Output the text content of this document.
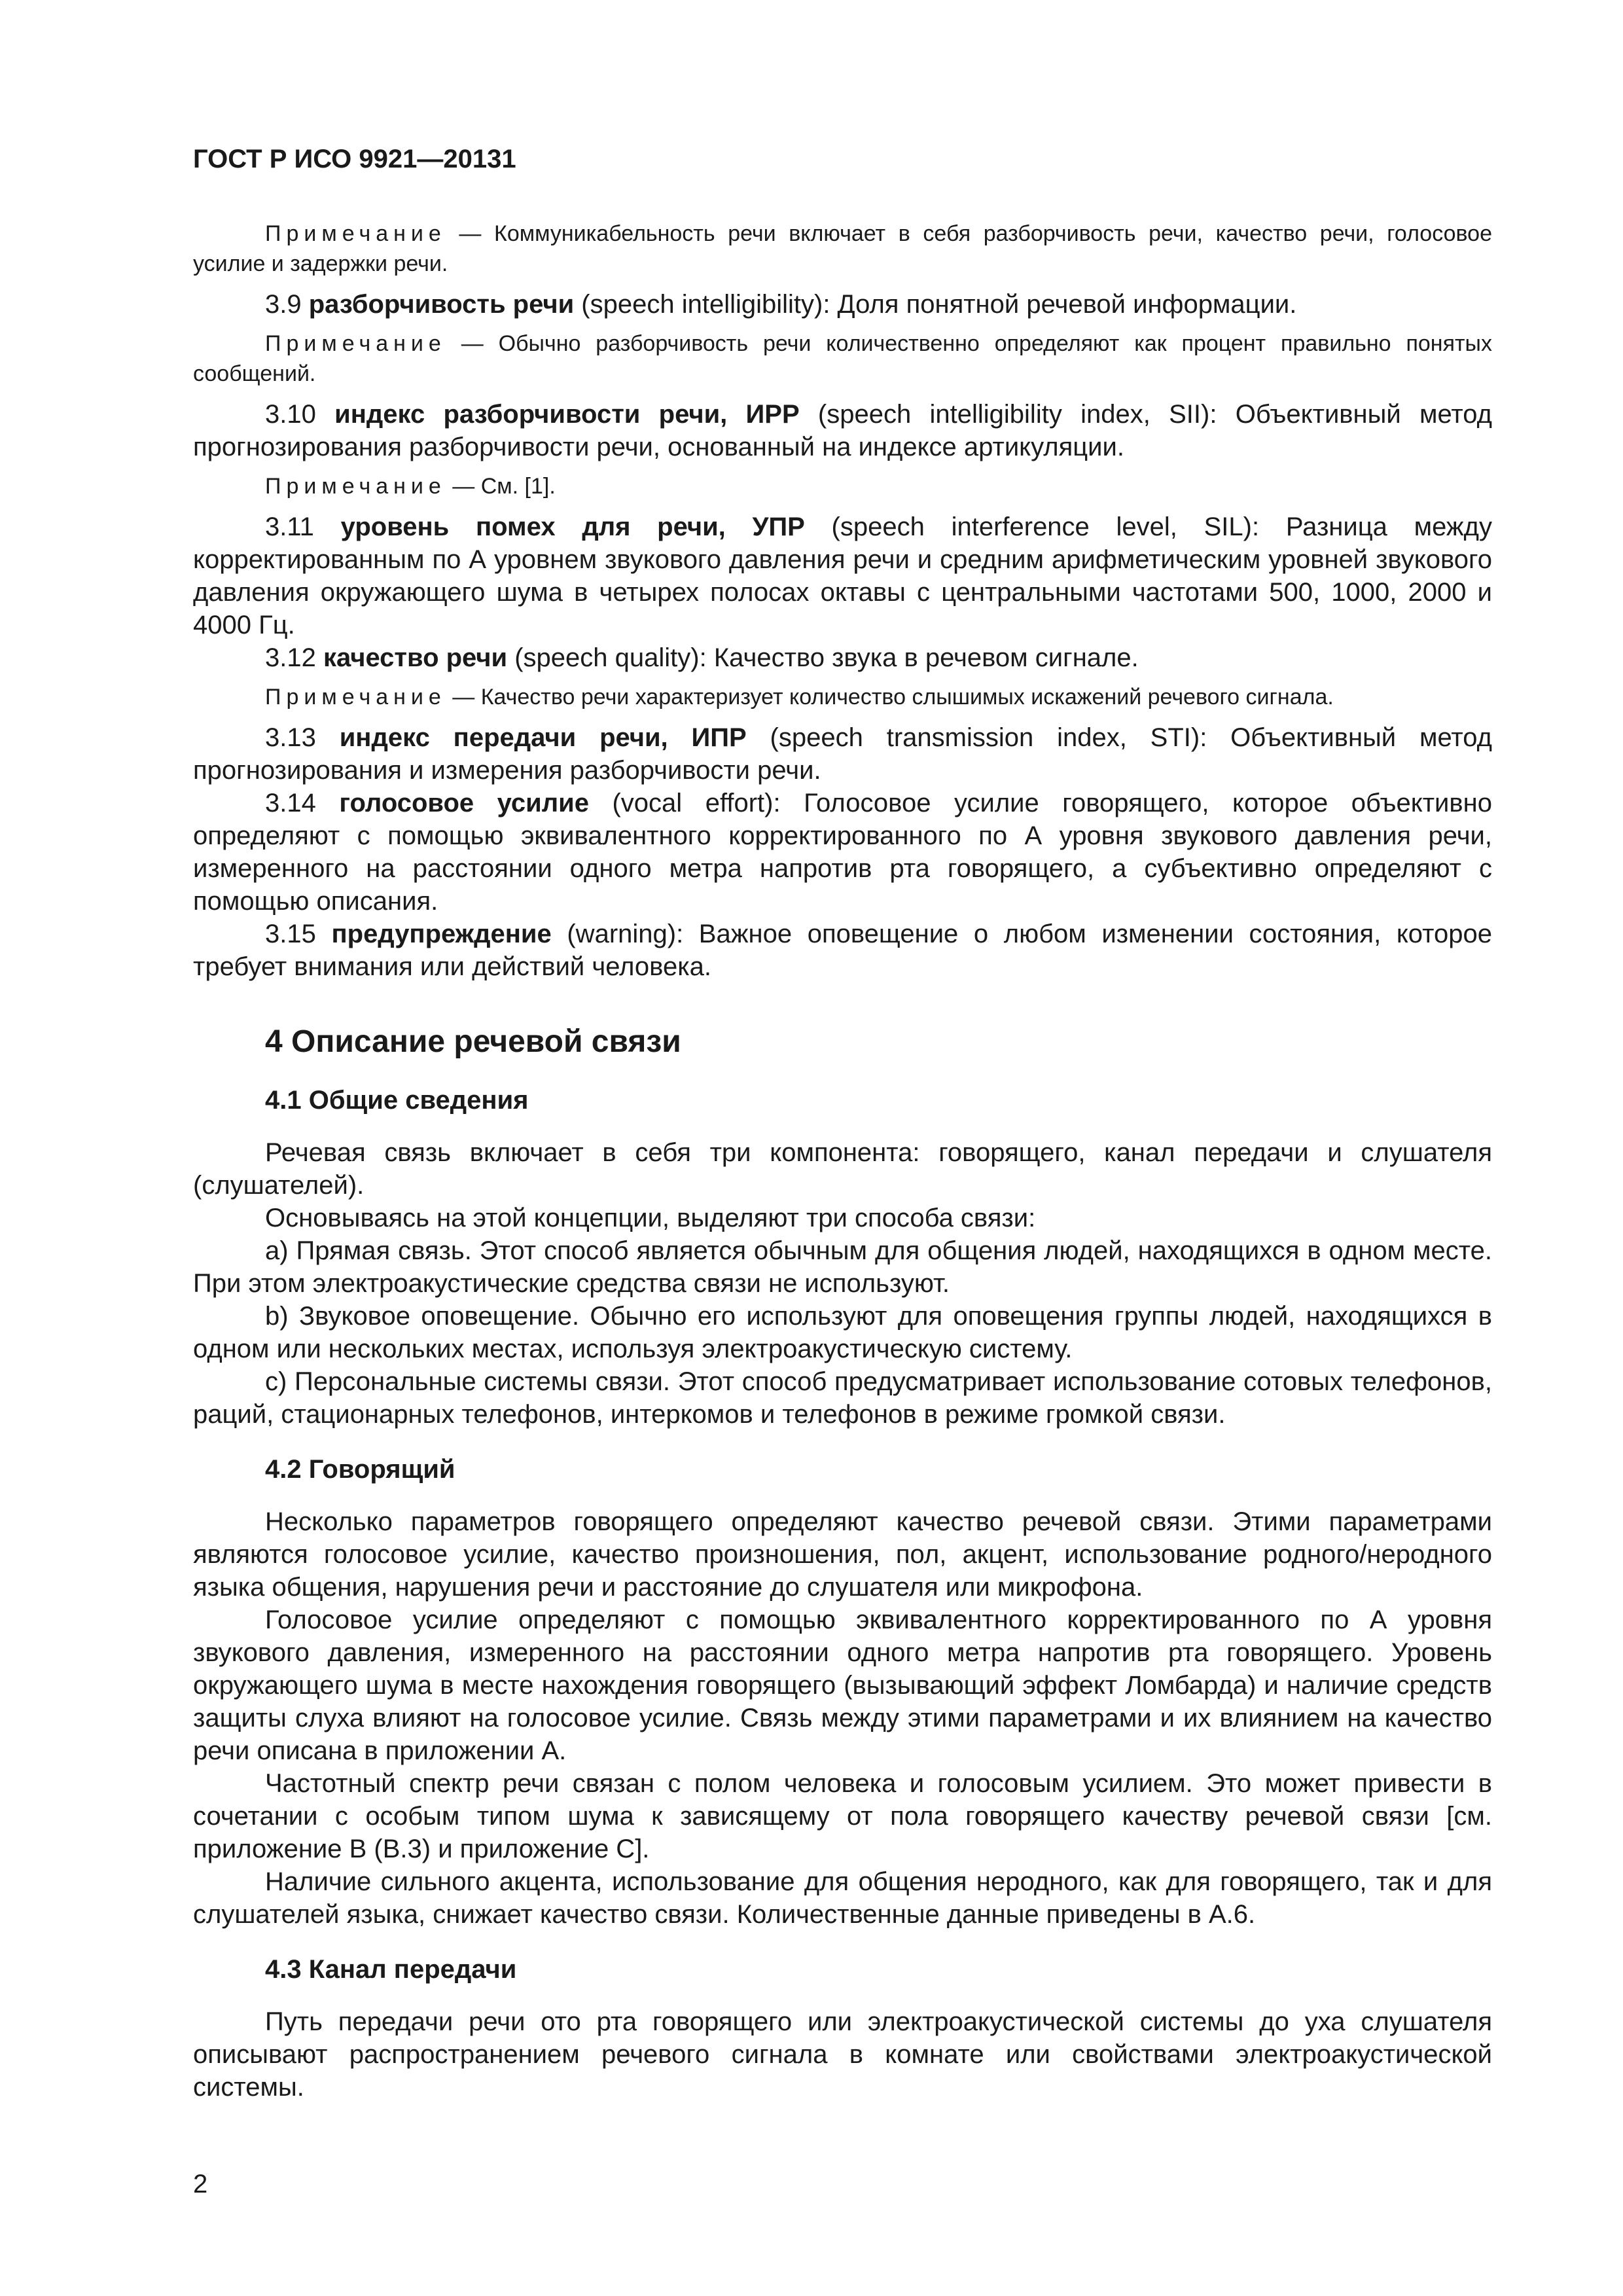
ГОСТ Р ИСО 9921—20131

Примечание — Коммуникабельность речи включает в себя разборчивость речи, качество речи, голосовое усилие и задержки речи.

3.9 разборчивость речи (speech intelligibility): Доля понятной речевой информации.

Примечание — Обычно разборчивость речи количественно определяют как процент правильно понятых сообщений.

3.10 индекс разборчивости речи, ИРР (speech intelligibility index, SII): Объективный метод прогнозирования разборчивости речи, основанный на индексе артикуляции.

Примечание — См. [1].

3.11 уровень помех для речи, УПР (speech interference level, SIL): Разница между корректированным по А уровнем звукового давления речи и средним арифметическим уровней звукового давления окружающего шума в четырех полосах октавы с центральными частотами 500, 1000, 2000 и 4000 Гц.

3.12 качество речи (speech quality): Качество звука в речевом сигнале.

Примечание — Качество речи характеризует количество слышимых искажений речевого сигнала.

3.13 индекс передачи речи, ИПР (speech transmission index, STI): Объективный метод прогнозирования и измерения разборчивости речи.

3.14 голосовое усилие (vocal effort): Голосовое усилие говорящего, которое объективно определяют с помощью эквивалентного корректированного по А уровня звукового давления речи, измеренного на расстоянии одного метра напротив рта говорящего, а субъективно определяют с помощью описания.

3.15 предупреждение (warning): Важное оповещение о любом изменении состояния, которое требует внимания или действий человека.

4 Описание речевой связи
4.1 Общие сведения

Речевая связь включает в себя три компонента: говорящего, канал передачи и слушателя (слушателей).

Основываясь на этой концепции, выделяют три способа связи:

a) Прямая связь. Этот способ является обычным для общения людей, находящихся в одном месте. При этом электроакустические средства связи не используют.

b) Звуковое оповещение. Обычно его используют для оповещения группы людей, находящихся в одном или нескольких местах, используя электроакустическую систему.

c) Персональные системы связи. Этот способ предусматривает использование сотовых телефонов, раций, стационарных телефонов, интеркомов и телефонов в режиме громкой связи.

4.2 Говорящий

Несколько параметров говорящего определяют качество речевой связи. Этими параметрами являются голосовое усилие, качество произношения, пол, акцент, использование родного/неродного языка общения, нарушения речи и расстояние до слушателя или микрофона.

Голосовое усилие определяют с помощью эквивалентного корректированного по А уровня звукового давления, измеренного на расстоянии одного метра напротив рта говорящего. Уровень окружающего шума в месте нахождения говорящего (вызывающий эффект Ломбарда) и наличие средств защиты слуха влияют на голосовое усилие. Связь между этими параметрами и их влиянием на качество речи описана в приложении А.

Частотный спектр речи связан с полом человека и голосовым усилием. Это может привести в сочетании с особым типом шума к зависящему от пола говорящего качеству речевой связи [см. приложение В (В.3) и приложение С].

Наличие сильного акцента, использование для общения неродного, как для говорящего, так и для слушателей языка, снижает качество связи. Количественные данные приведены в А.6.

4.3 Канал передачи

Путь передачи речи ото рта говорящего или электроакустической системы до уха слушателя описывают распространением речевого сигнала в комнате или свойствами электроакустической системы.

2
